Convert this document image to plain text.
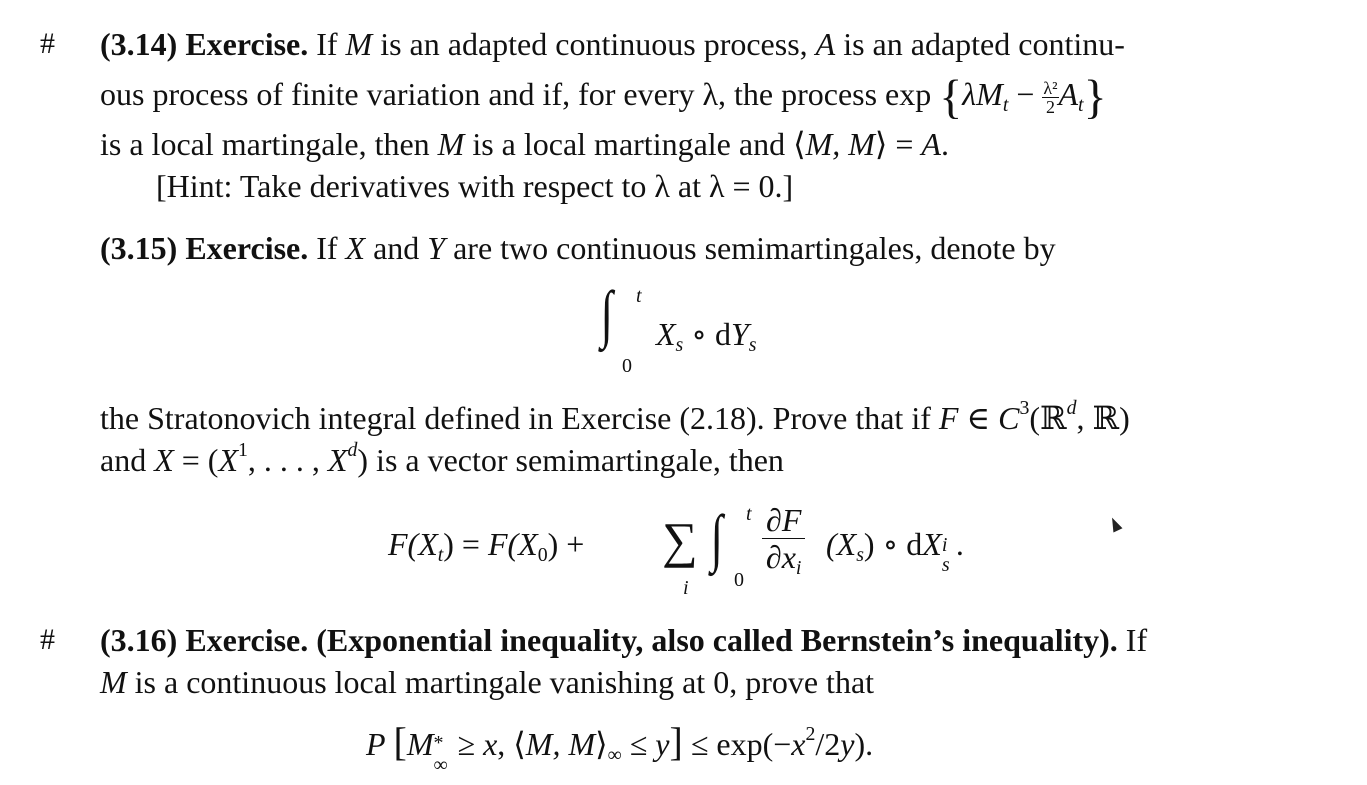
# (3.14) Exercise. If M is an adapted continuous process, A is an adapted continu-
ous process of finite variation and if, for every λ, the process $\exp \{\lambda M_t - \frac{\text{λ²}}{2} A_t\}$
is a local martingale, then M is a local martingale and ⟨M, M⟩ = A.
[Hint: Take derivatives with respect to λ at λ = 0.]
(3.15) Exercise. If X and Y are two continuous semimartingales, denote by
∫ t
0
$X_s$ ∘ $dY_s$
the Stratonovich integral defined in Exercise (2.18). Prove that if F ∈ $C^3(ℝ^d$, ℝ)
and $X = (X^1$, . . . , $X^d$) is a vector semimartingale, then
$F(X_t) = F(X_0)$ + ∑
i
∫ t
0
$\frac{\partial F}{\partial x_i} (X_s)$ ∘ dX i
s
.
# (3.16) Exercise. (Exponential inequality, also called Bernstein’s inequality). If
M is a continuous local martingale vanishing at 0, prove that
P [M *
∞
≥ x, ⟨M, $M⟩_\infty \le y] \le \exp(-x^2/2y)$.
